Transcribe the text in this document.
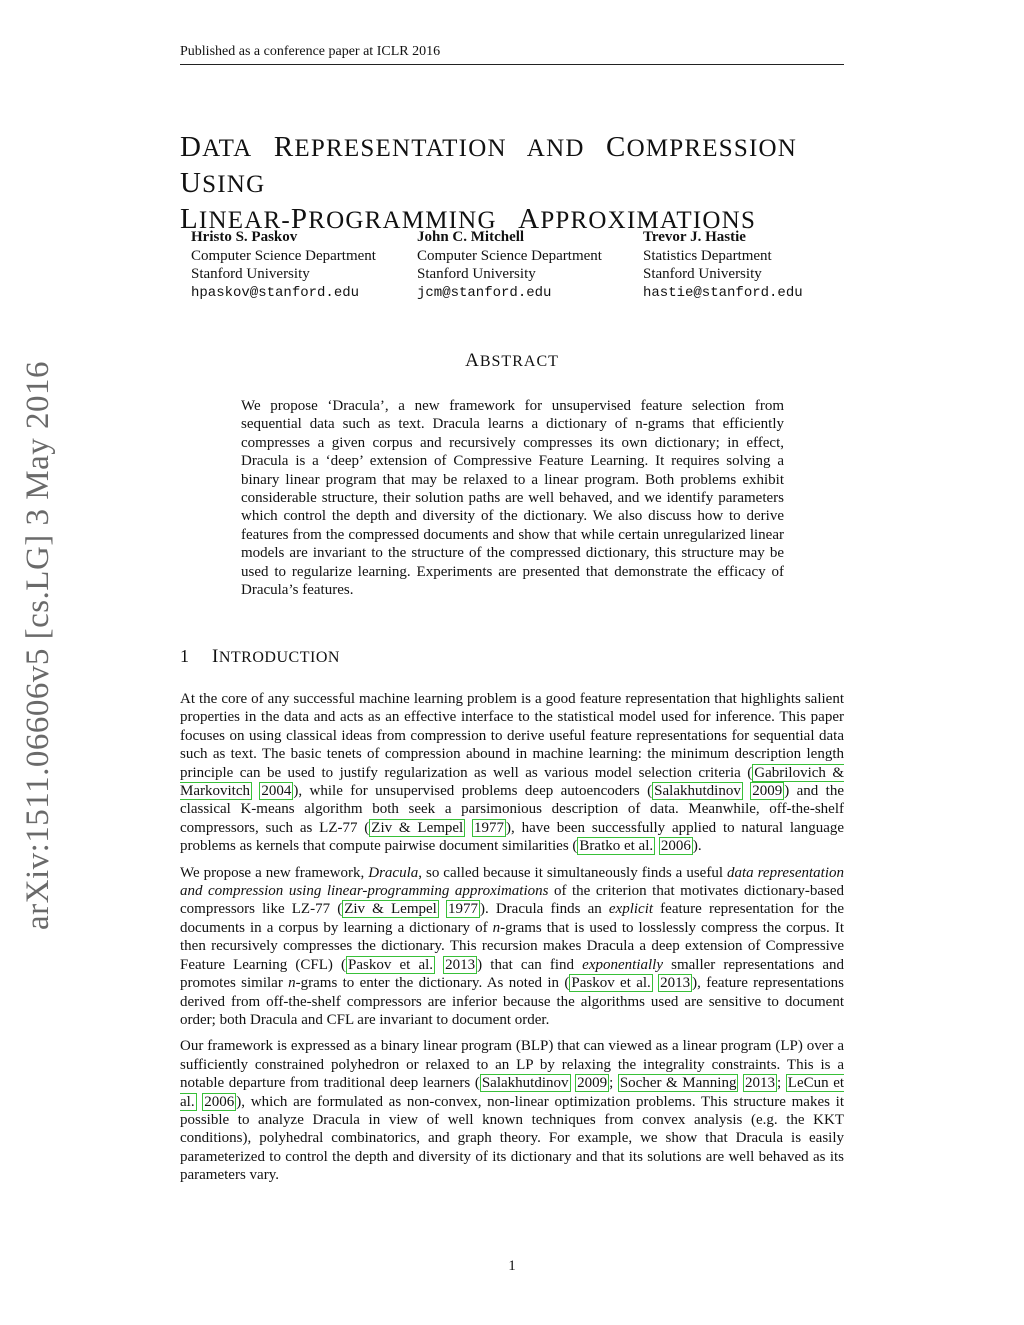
Published as a conference paper at ICLR 2016
DATA REPRESENTATION AND COMPRESSION USING
LINEAR-PROGRAMMING APPROXIMATIONS
Hristo S. Paskov
Computer Science Department
Stanford University
hpaskov@stanford.edu
John C. Mitchell
Computer Science Department
Stanford University
jcm@stanford.edu
Trevor J. Hastie
Statistics Department
Stanford University
hastie@stanford.edu
ABSTRACT
We propose ‘Dracula’, a new framework for unsupervised feature selection from sequential data such as text. Dracula learns a dictionary of n-grams that efficiently compresses a given corpus and recursively compresses its own dictionary; in effect, Dracula is a ‘deep’ extension of Compressive Feature Learning. It requires solving a binary linear program that may be relaxed to a linear program. Both problems exhibit considerable structure, their solution paths are well behaved, and we identify parameters which control the depth and diversity of the dictionary. We also discuss how to derive features from the compressed documents and show that while certain unregularized linear models are invariant to the structure of the compressed dictionary, this structure may be used to regularize learning. Experiments are presented that demonstrate the efficacy of Dracula’s features.
1 INTRODUCTION

At the core of any successful machine learning problem is a good feature representation that highlights salient properties in the data and acts as an effective interface to the statistical model used for inference. This paper focuses on using classical ideas from compression to derive useful feature representations for sequential data such as text. The basic tenets of compression abound in machine learning: the minimum description length principle can be used to justify regularization as well as various model selection criteria ( Gabrilovich & Markovitch 2004 ), while for unsupervised problems deep autoencoders ( Salakhutdinov 2009 ) and the classical K-means algorithm both seek a parsimonious description of data. Meanwhile, off-the-shelf compressors, such as LZ-77 ( Ziv & Lempel 1977 ), have been successfully applied to natural language problems as kernels that compute pairwise document similarities ( Bratko et al. 2006 ).

We propose a new framework, Dracula, so called because it simultaneously finds a useful data representation and compression using linear-programming approximations of the criterion that motivates dictionary-based compressors like LZ-77 ( Ziv & Lempel 1977 ). Dracula finds an explicit feature representation for the documents in a corpus by learning a dictionary of n-grams that is used to losslessly compress the corpus. It then recursively compresses the dictionary. This recursion makes Dracula a deep extension of Compressive Feature Learning (CFL) ( Paskov et al. 2013 ) that can find exponentially smaller representations and promotes similar n-grams to enter the dictionary. As noted in ( Paskov et al. 2013 ), feature representations derived from off-the-shelf compressors are inferior because the algorithms used are sensitive to document order; both Dracula and CFL are invariant to document order.

Our framework is expressed as a binary linear program (BLP) that can viewed as a linear program (LP) over a sufficiently constrained polyhedron or relaxed to an LP by relaxing the integrality constraints. This is a notable departure from traditional deep learners ( Salakhutdinov 2009 ; Socher & Manning 2013 ; LeCun et al. 2006 ), which are formulated as non-convex, non-linear optimization problems. This structure makes it possible to analyze Dracula in view of well known techniques from convex analysis (e.g. the KKT conditions), polyhedral combinatorics, and graph theory. For example, we show that Dracula is easily parameterized to control the depth and diversity of its dictionary and that its solutions are well behaved as its parameters vary.

1
arXiv:1511.06606v5 [cs.LG] 3 May 2016
